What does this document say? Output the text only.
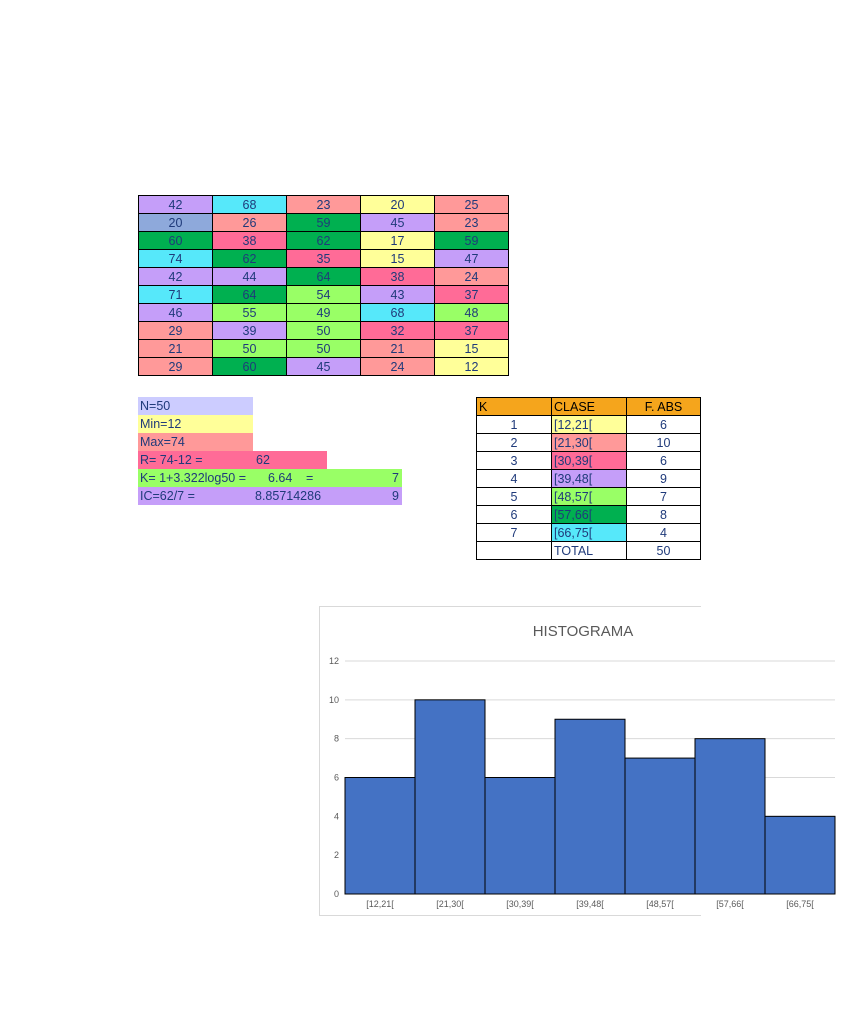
42	68	23	20	25
20	26	59	45	23
60	38	62	17	59
74	62	35	15	47
42	44	64	38	24
71	64	54	43	37
46	55	49	68	48
29	39	50	32	37
21	50	50	21	15
29	60	45	24	12
N=50
Min=12
Max=74
R= 74-12 =	62
K= 1+3.322log50 = 6.64 =	7
IC=62/7 =	8.85714286	9
K	CLASE	F. ABS
1	[12,21[	6
2	[21,30[	10
3	[30,39[	6
4	[39,48[	9
5	[48,57[	7
6	[57,66[	8
7	[66,75[	4
	TOTAL	50
HISTOGRAMA
0
2
4
6
8
10
12
[12,21[	[21,30[	[30,39[	[39,48[	[48,57[	[57,66[	[66,75[
